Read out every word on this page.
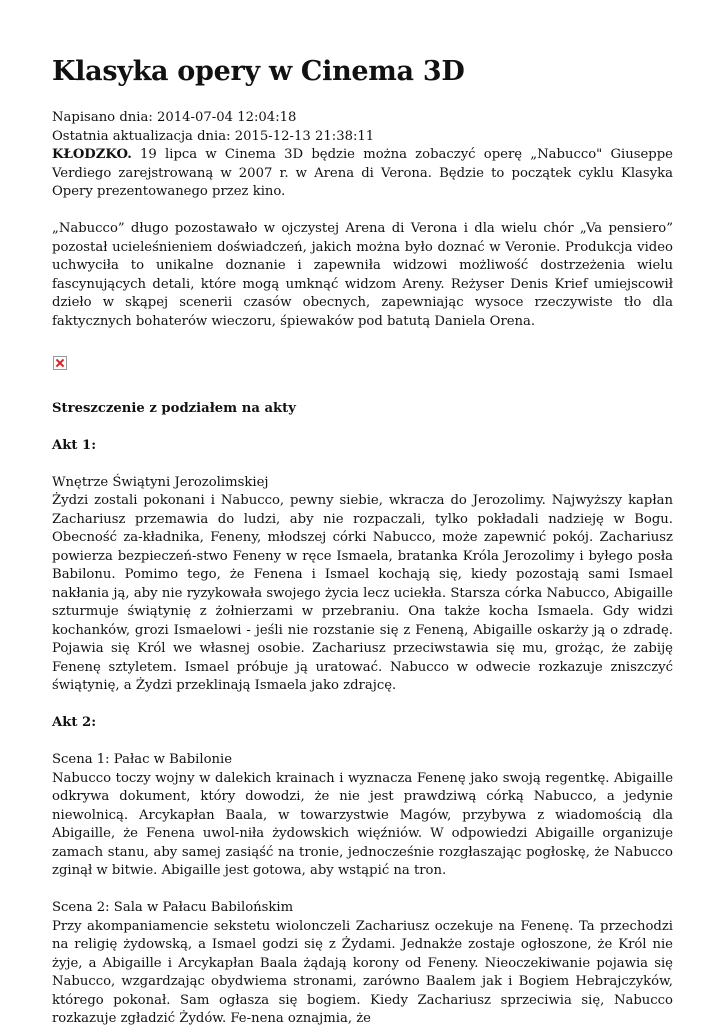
Klasyka opery w Cinema 3D
Napisano dnia: 2014-07-04 12:04:18
Ostatnia aktualizacja dnia: 2015-12-13 21:38:11

KŁODZKO. 19 lipca w Cinema 3D będzie można zobaczyć operę „Nabucco" Giuseppe Verdiego zarejstrowaną w 2007 r. w Arena di Verona. Będzie to początek cyklu Klasyka Opery prezentowanego przez kino.

„Nabucco” długo pozostawało w ojczystej Arena di Verona i dla wielu chór „Va pensiero” pozostał ucieleśnieniem doświadczeń, jakich można było doznać w Veronie. Produkcja video uchwyciła to unikalne doznanie i zapewniła widzowi możliwość dostrzeżenia wielu fascynujących detali, które mogą umknąć widzom Areny. Reżyser Denis Krief umiejscowił dzieło w skąpej scenerii czasów obecnych, zapewniając wysoce rzeczywiste tło dla faktycznych bohaterów wieczoru, śpiewaków pod batutą Daniela Orena.

Streszczenie z podziałem na akty
Akt 1:

Wnętrze Świątyni Jerozolimskiej

Żydzi zostali pokonani i Nabucco, pewny siebie, wkracza do Jerozolimy. Najwyższy kapłan Zachariusz przemawia do ludzi, aby nie rozpaczali, tylko pokładali nadzieję w Bogu. Obecność za-kładnika, Feneny, młodszej córki Nabucco, może zapewnić pokój. Zachariusz powierza bezpieczeń-stwo Feneny w ręce Ismaela, bratanka Króla Jerozolimy i byłego posła Babilonu. Pomimo tego, że Fenena i Ismael kochają się, kiedy pozostają sami Ismael nakłania ją, aby nie ryzykowała swojego życia lecz uciekła. Starsza córka Nabucco, Abigaille szturmuje świątynię z żołnierzami w przebraniu. Ona także kocha Ismaela. Gdy widzi kochanków, grozi Ismaelowi - jeśli nie rozstanie się z Feneną, Abigaille oskarży ją o zdradę. Pojawia się Król we własnej osobie. Zachariusz przeciwstawia się mu, grożąc, że zabiję Fenenę sztyletem. Ismael próbuje ją uratować. Nabucco w odwecie rozkazuje zniszczyć świątynię, a Żydzi przeklinają Ismaela jako zdrajcę.

Akt 2:

Scena 1: Pałac w Babilonie

Nabucco toczy wojny w dalekich krainach i wyznacza Fenenę jako swoją regentkę. Abigaille odkrywa dokument, który dowodzi, że nie jest prawdziwą córką Nabucco, a jedynie niewolnicą. Arcykapłan Baala, w towarzystwie Magów, przybywa z wiadomością dla Abigaille, że Fenena uwol-niła żydowskich więźniów. W odpowiedzi Abigaille organizuje zamach stanu, aby samej zasiąść na tronie, jednocześnie rozgłaszając pogłoskę, że Nabucco zginął w bitwie. Abigaille jest gotowa, aby wstąpić na tron.

Scena 2: Sala w Pałacu Babilońskim

Przy akompaniamencie sekstetu wiolonczeli Zachariusz oczekuje na Fenenę. Ta przechodzi na religię żydowską, a Ismael godzi się z Żydami. Jednakże zostaje ogłoszone, że Król nie żyje, a Abigaille i Arcykapłan Baala żądają korony od Feneny. Nieoczekiwanie pojawia się Nabucco, wzgardzając obydwiema stronami, zarówno Baalem jak i Bogiem Hebrajczyków, którego pokonał. Sam ogłasza się bogiem. Kiedy Zachariusz sprzeciwia się, Nabucco rozkazuje zgładzić Żydów. Fe-nena oznajmia, że
